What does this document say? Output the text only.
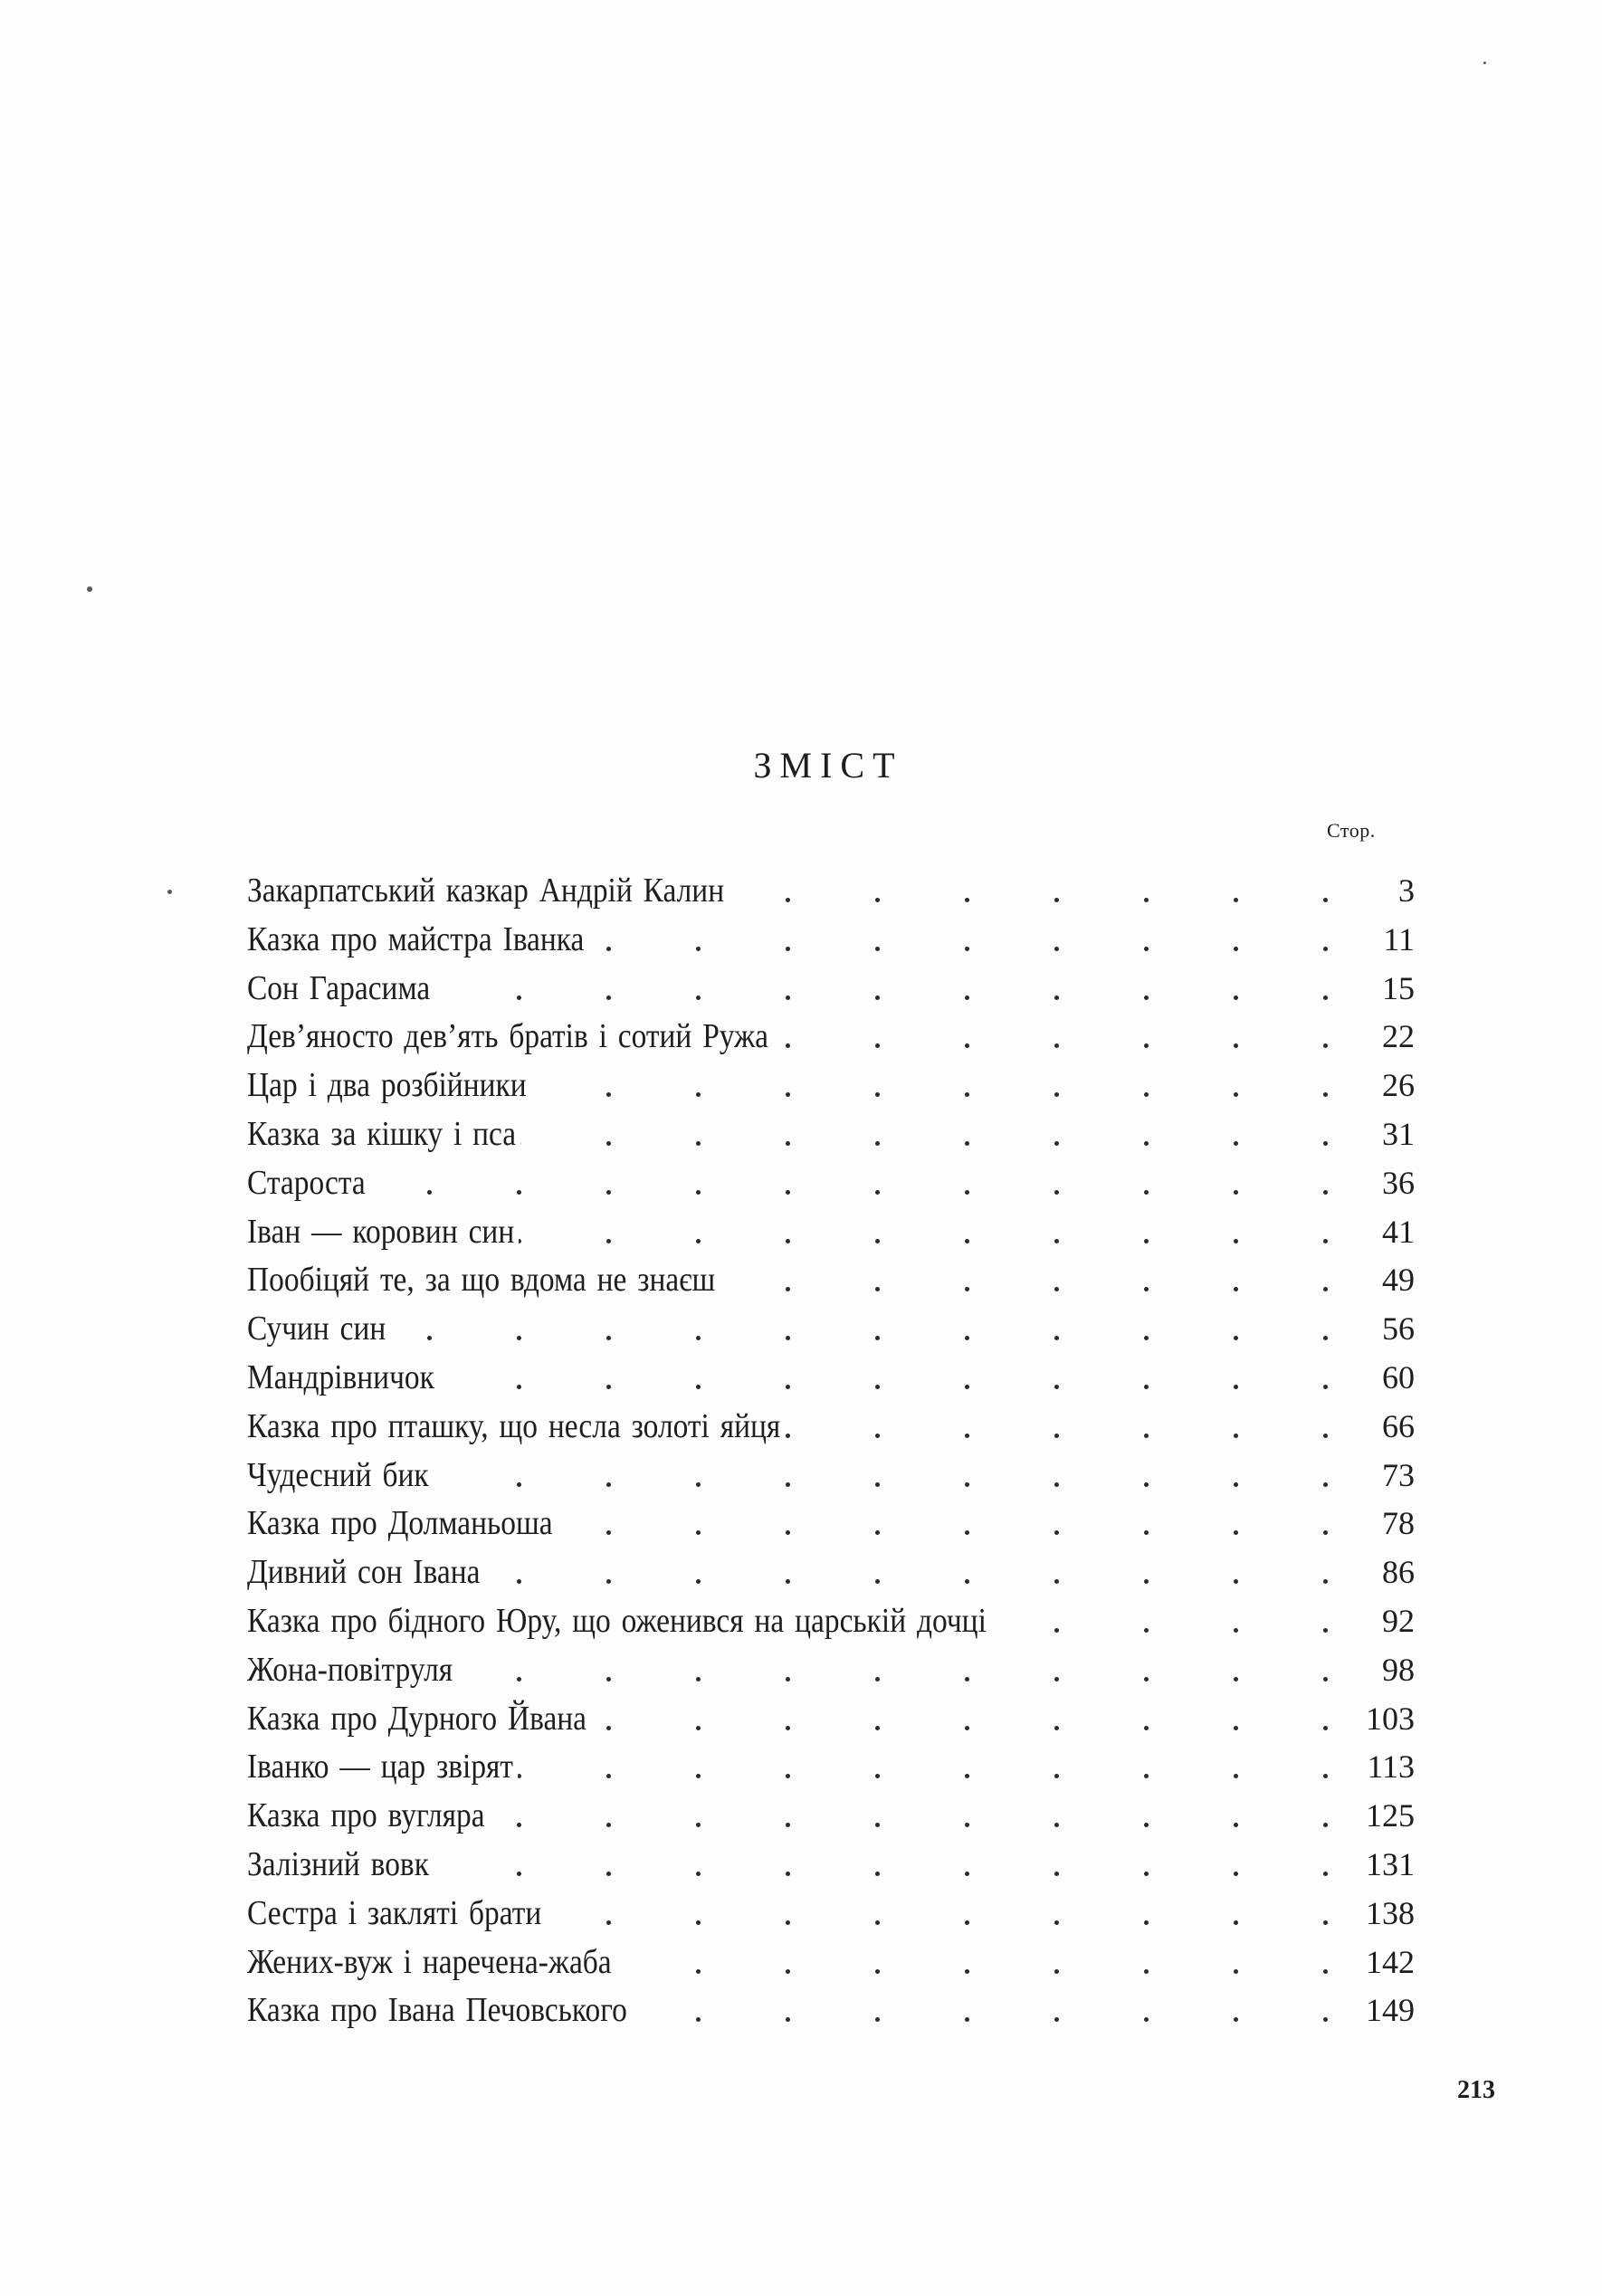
ЗМІСТ
Стор.
Закарпатський казкар Андрій Калин	3
Казка про майстра Іванка	11
Сон Гарасима	15
Дев’яносто дев’ять братів і сотий Ружа	22
Цар і два розбійники	26
Казка за кішку і пса	31
Староста	36
Іван — коровин син	41
Пообіцяй те, за що вдома не знаєш	49
Сучин син	56
Мандрівничок	60
Казка про пташку, що несла золоті яйця	66
Чудесний бик	73
Казка про Долманьоша	78
Дивний сон Івана	86
Казка про бідного Юру, що оженився на царській дочці	92
Жона-повітруля	98
Казка про Дурного Йвана	103
Іванко — цар звірят	113
Казка про вугляра	125
Залізний вовк	131
Сестра і закляті брати	138
Жених-вуж і наречена-жаба	142
Казка про Івана Печовського	149
213
